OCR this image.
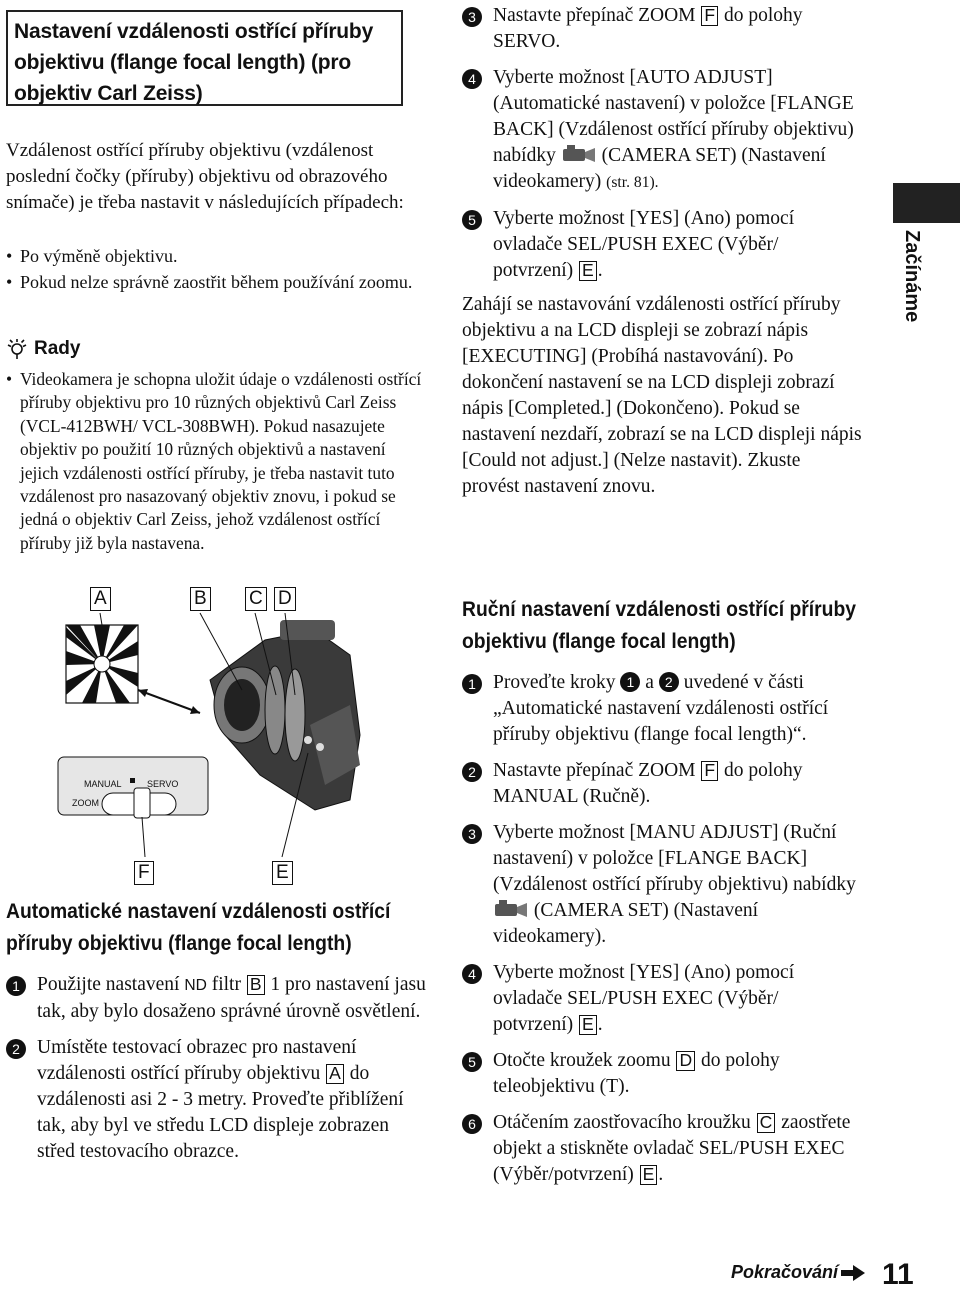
Nastavení vzdálenosti ostřící příruby objektivu (flange focal length) (pro objektiv Carl Zeiss)
Vzdálenost ostřící příruby objektivu (vzdálenost poslední čočky (příruby) objektivu od obrazového snímače) je třeba nastavit v následujících případech:
• Po výměně objektivu.
• Pokud nelze správně zaostřit během používání zoomu.
Rady
• Videokamera je schopna uložit údaje o vzdálenosti ostřící příruby objektivu pro 10 různých objektivů Carl Zeiss (VCL-412BWH/ VCL-308BWH). Pokud nasazujete objektiv po použití 10 různých objektivů a nastavení jejich vzdálenosti ostřící příruby, je třeba nastavit tuto vzdálenost pro nasazovaný objektiv znovu, i pokud se jedná o objektiv Carl Zeiss, jehož vzdálenost ostřící příruby již byla nastavena.
A	B C D
F	E
MANUAL	SERVO
ZOOM
Automatické nastavení vzdálenosti ostřící příruby objektivu (flange focal length)
1 Použijte nastavení ND filtr B 1 pro nastavení jasu tak, aby bylo dosaženo správné úrovně osvětlení.
2 Umístěte testovací obrazec pro nastavení vzdálenosti ostřící příruby objektivu A do vzdálenosti asi 2 - 3 metry. Proveďte přiblížení tak, aby byl ve středu LCD displeje zobrazen střed testovacího obrazce.
3 Nastavte přepínač ZOOM F do polohy SERVO.
4 Vyberte možnost [AUTO ADJUST] (Automatické nastavení) v položce [FLANGE BACK] (Vzdálenost ostřící příruby objektivu) nabídky  (CAMERA SET) (Nastavení videokamery) (str. 81).
5 Vyberte možnost [YES] (Ano) pomocí ovladače SEL/PUSH EXEC (Výběr/ potvrzení) E .
Zahájí se nastavování vzdálenosti ostřící příruby objektivu a na LCD displeji se zobrazí nápis [EXECUTING] (Probíhá nastavování). Po dokončení nastavení se na LCD displeji zobrazí nápis [Completed.] (Dokončeno). Pokud se nastavení nezdaří, zobrazí se na LCD displeji nápis [Could not adjust.] (Nelze nastavit). Zkuste provést nastavení znovu.
Ruční nastavení vzdálenosti ostřící příruby objektivu (flange focal length)
1 Proveďte kroky 1 a 2 uvedené v části „Automatické nastavení vzdálenosti ostřící příruby objektivu (flange focal length)“.
2 Nastavte přepínač ZOOM F do polohy MANUAL (Ručně).
3 Vyberte možnost [MANU ADJUST] (Ruční nastavení) v položce [FLANGE BACK] (Vzdálenost ostřící příruby objektivu) nabídky  (CAMERA SET) (Nastavení videokamery).
4 Vyberte možnost [YES] (Ano) pomocí ovladače SEL/PUSH EXEC (Výběr/ potvrzení) E .
5 Otočte kroužek zoomu D do polohy teleobjektivu (T).
6 Otáčením zaostřovacího kroužku C zaostřete objekt a stiskněte ovladač SEL/PUSH EXEC (Výběr/potvrzení) E .
Začínáme
Pokračování 11
